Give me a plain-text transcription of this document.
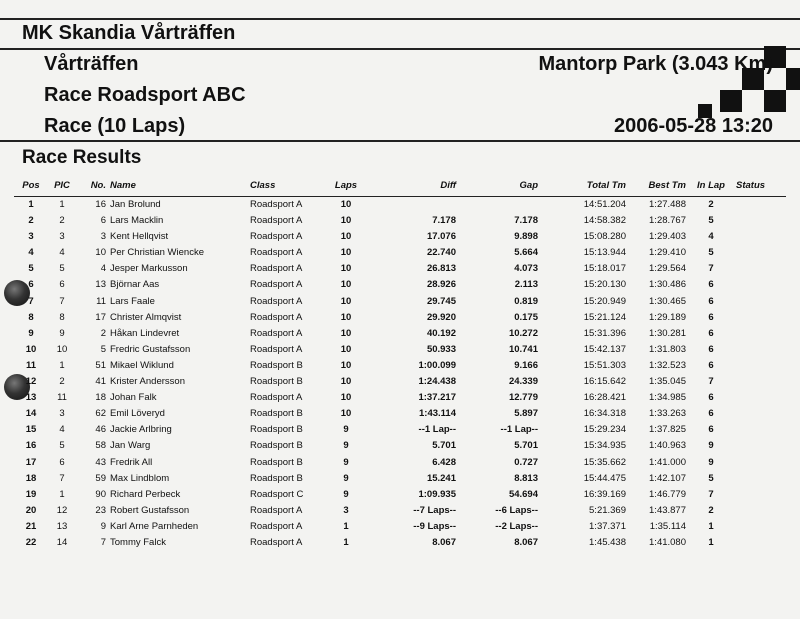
MK Skandia Vårträffen
Vårträffen
Race Roadsport ABC
Race (10 Laps)
Mantorp Park (3.043 Km)
2006-05-28 13:20
Race Results
Pos	PIC	No.	Name	Class	Laps	Diff	Gap	Total Tm	Best Tm	In Lap	Status
1	1	16	Jan Brolund	Roadsport A	10			14:51.204	1:27.488	2	
2	2	6	Lars Macklin	Roadsport A	10	7.178	7.178	14:58.382	1:28.767	5	
3	3	3	Kent Hellqvist	Roadsport A	10	17.076	9.898	15:08.280	1:29.403	4	
4	4	10	Per Christian Wiencke	Roadsport A	10	22.740	5.664	15:13.944	1:29.410	5	
5	5	4	Jesper Markusson	Roadsport A	10	26.813	4.073	15:18.017	1:29.564	7	
6	6	13	Björnar Aas	Roadsport A	10	28.926	2.113	15:20.130	1:30.486	6	
7	7	11	Lars Faale	Roadsport A	10	29.745	0.819	15:20.949	1:30.465	6	
8	8	17	Christer Almqvist	Roadsport A	10	29.920	0.175	15:21.124	1:29.189	6	
9	9	2	Håkan Lindevret	Roadsport A	10	40.192	10.272	15:31.396	1:30.281	6	
10	10	5	Fredric Gustafsson	Roadsport A	10	50.933	10.741	15:42.137	1:31.803	6	
11	1	51	Mikael Wiklund	Roadsport B	10	1:00.099	9.166	15:51.303	1:32.523	6	
12	2	41	Krister Andersson	Roadsport B	10	1:24.438	24.339	16:15.642	1:35.045	7	
13	11	18	Johan Falk	Roadsport A	10	1:37.217	12.779	16:28.421	1:34.985	6	
14	3	62	Emil Löveryd	Roadsport B	10	1:43.114	5.897	16:34.318	1:33.263	6	
15	4	46	Jackie Arlbring	Roadsport B	9	--1 Lap--	--1 Lap--	15:29.234	1:37.825	6	
16	5	58	Jan Warg	Roadsport B	9	5.701	5.701	15:34.935	1:40.963	9	
17	6	43	Fredrik All	Roadsport B	9	6.428	0.727	15:35.662	1:41.000	9	
18	7	59	Max Lindblom	Roadsport B	9	15.241	8.813	15:44.475	1:42.107	5	
19	1	90	Richard Perbeck	Roadsport C	9	1:09.935	54.694	16:39.169	1:46.779	7	
20	12	23	Robert Gustafsson	Roadsport A	3	--7 Laps--	--6 Laps--	5:21.369	1:43.877	2	
21	13	9	Karl Arne Parnheden	Roadsport A	1	--9 Laps--	--2 Laps--	1:37.371	1:35.114	1	
22	14	7	Tommy Falck	Roadsport A	1	8.067	8.067	1:45.438	1:41.080	1	
